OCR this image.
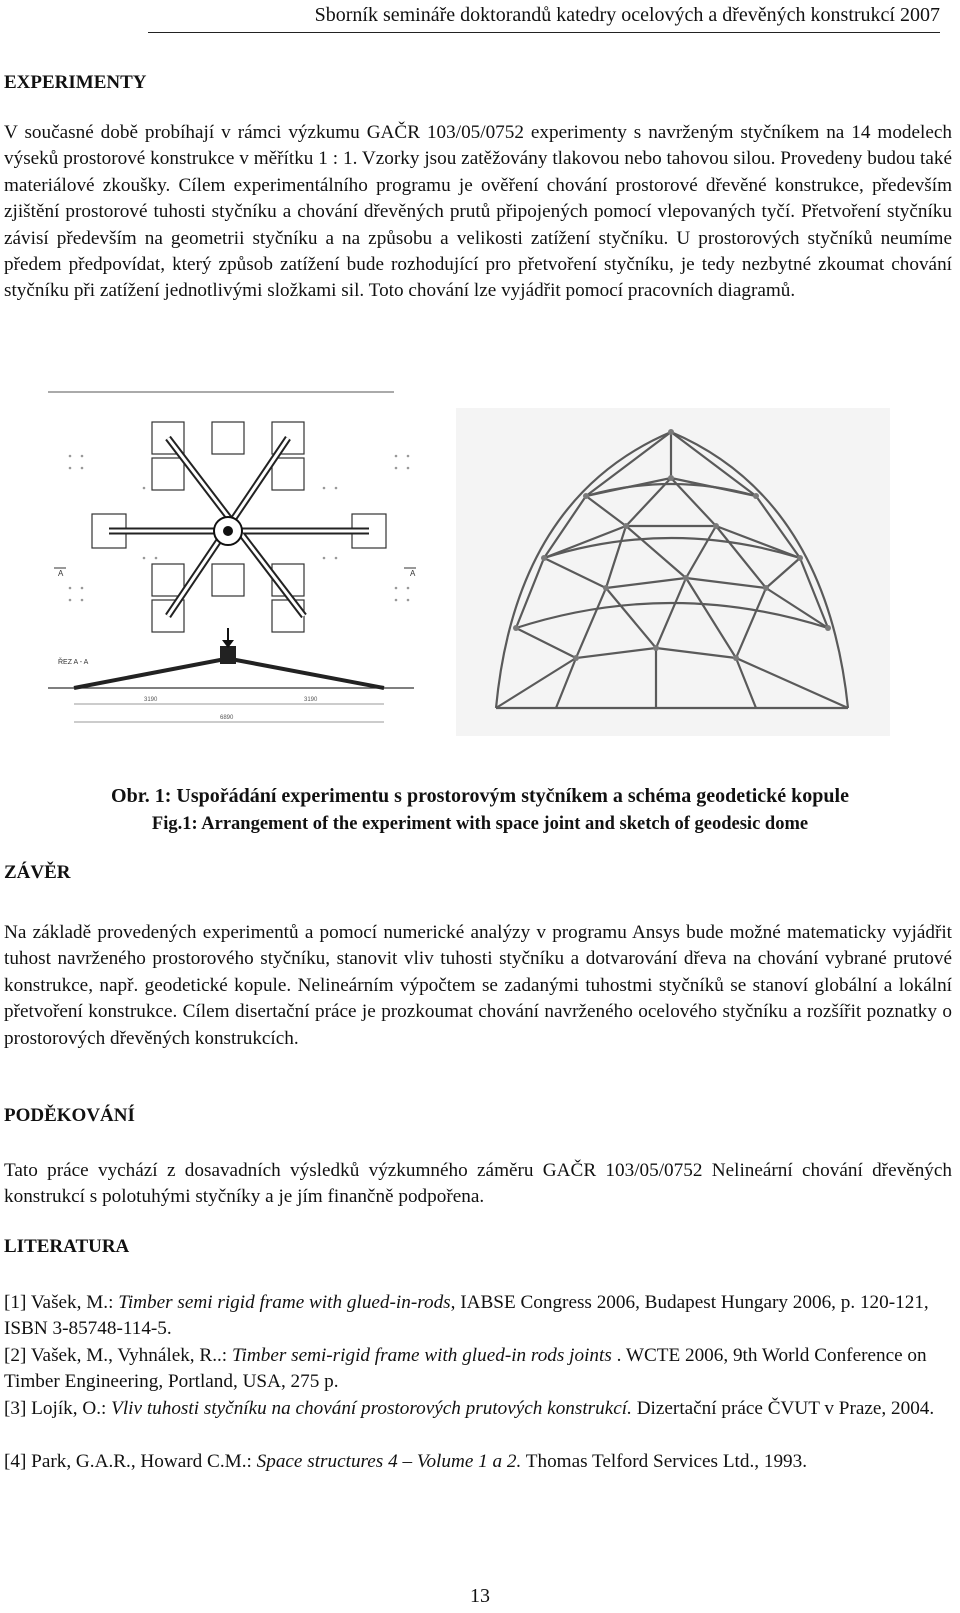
Sborník semináře doktorandů katedry ocelových a dřevěných konstrukcí 2007
EXPERIMENTY
V současné době probíhají v rámci výzkumu GAČR 103/05/0752 experimenty s navrženým styčníkem na 14 modelech výseků prostorové konstrukce v měřítku 1 : 1. Vzorky jsou zatěžovány tlakovou nebo tahovou silou. Provedeny budou také materiálové zkoušky. Cílem experimentálního programu je ověření chování prostorové dřevěné konstrukce, především zjištění prostorové tuhosti styčníku a chování dřevěných prutů připojených pomocí vlepovaných tyčí. Přetvoření styčníku závisí především na geometrii styčníku a na způsobu a velikosti zatížení styčníku. U prostorových styčníků neumíme předem předpovídat, který způsob zatížení bude rozhodující pro přetvoření styčníku, je tedy nezbytné zkoumat chování styčníku při zatížení jednotlivými složkami sil. Toto chování lze vyjádřit pomocí pracovních diagramů.
A	A
ŘEZ A - A
3190
6890
3190
Obr. 1: Uspořádání experimentu s prostorovým styčníkem a schéma geodetické kopule
Fig.1: Arrangement of the experiment with space joint and sketch of geodesic dome
ZÁVĚR
Na základě provedených experimentů a pomocí numerické analýzy v programu Ansys bude možné matematicky vyjádřit tuhost navrženého prostorového styčníku, stanovit vliv tuhosti styčníku a dotvarování dřeva na chování vybrané prutové konstrukce, např. geodetické kopule. Nelineárním výpočtem se zadanými tuhostmi styčníků se stanoví globální a lokální přetvoření konstrukce. Cílem disertační práce je prozkoumat chování navrženého ocelového styčníku a rozšířit poznatky o prostorových dřevěných konstrukcích.
PODĚKOVÁNÍ
Tato práce vychází z dosavadních výsledků výzkumného záměru GAČR 103/05/0752 Nelineární chování dřevěných konstrukcí s polotuhými styčníky a je jím finančně podpořena.
LITERATURA
[1] Vašek, M.: Timber semi rigid frame with glued-in-rods, IABSE Congress 2006, Budapest Hungary 2006, p. 120-121, ISBN 3-85748-114-5.
[2] Vašek, M., Vyhnálek, R..: Timber semi-rigid frame with glued-in rods joints . WCTE 2006, 9th World Conference on Timber Engineering, Portland, USA, 275 p.
[3] Lojík, O.: Vliv tuhosti styčníku na chování prostorových prutových konstrukcí. Dizertační práce ČVUT v Praze, 2004.
[4] Park, G.A.R., Howard C.M.: Space structures 4 – Volume 1 a 2. Thomas Telford Services Ltd., 1993.
13
